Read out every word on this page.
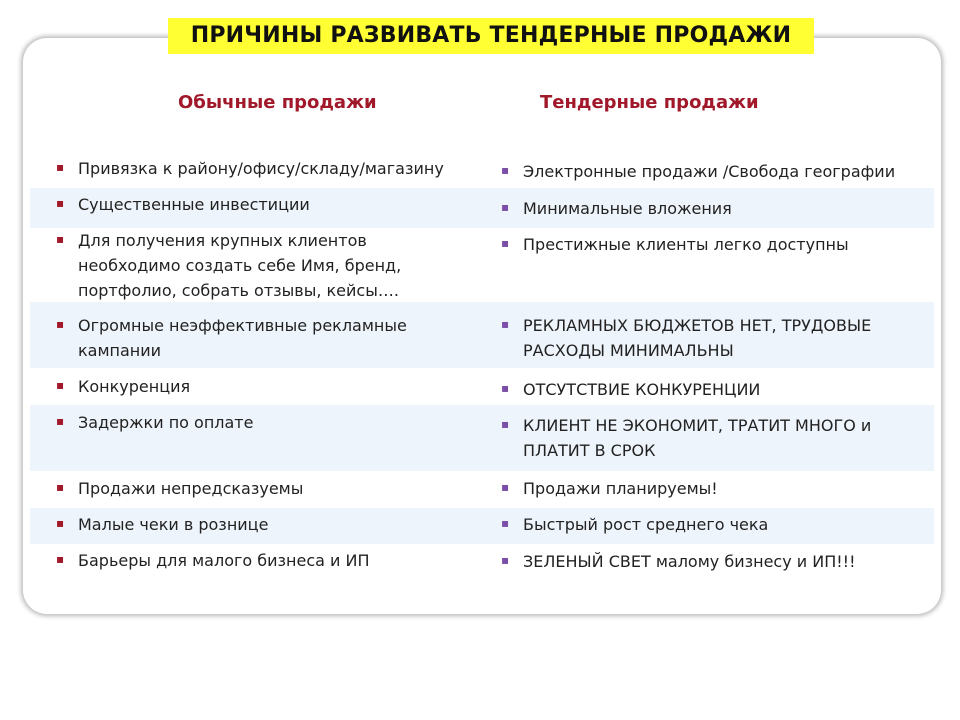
ПРИЧИНЫ РАЗВИВАТЬ ТЕНДЕРНЫЕ ПРОДАЖИ
Обычные продажи	Тендерные продажи
▪ Привязка к району/офису/складу/магазину
▪ Существенные инвестиции
▪ Для получения крупных клиентов необходимо создать себе Имя, бренд, портфолио, собрать отзывы, кейсы….
▪ Огромные неэффективные рекламные кампании
▪ Конкуренция
▪ Задержки по оплате
▪ Продажи непредсказуемы
▪ Малые чеки в рознице
▪ Барьеры для малого бизнеса и ИП
▪ Электронные продажи /Свобода географии
▪ Минимальные вложения
▪ Престижные клиенты легко доступны
▪ РЕКЛАМНЫХ БЮДЖЕТОВ НЕТ, ТРУДОВЫЕ РАСХОДЫ МИНИМАЛЬНЫ
▪ ОТСУТСТВИЕ КОНКУРЕНЦИИ
▪ КЛИЕНТ НЕ ЭКОНОМИТ, ТРАТИТ МНОГО и ПЛАТИТ В СРОК
▪ Продажи планируемы!
▪ Быстрый рост среднего чека
▪ ЗЕЛЕНЫЙ СВЕТ малому бизнесу и ИП!!!
